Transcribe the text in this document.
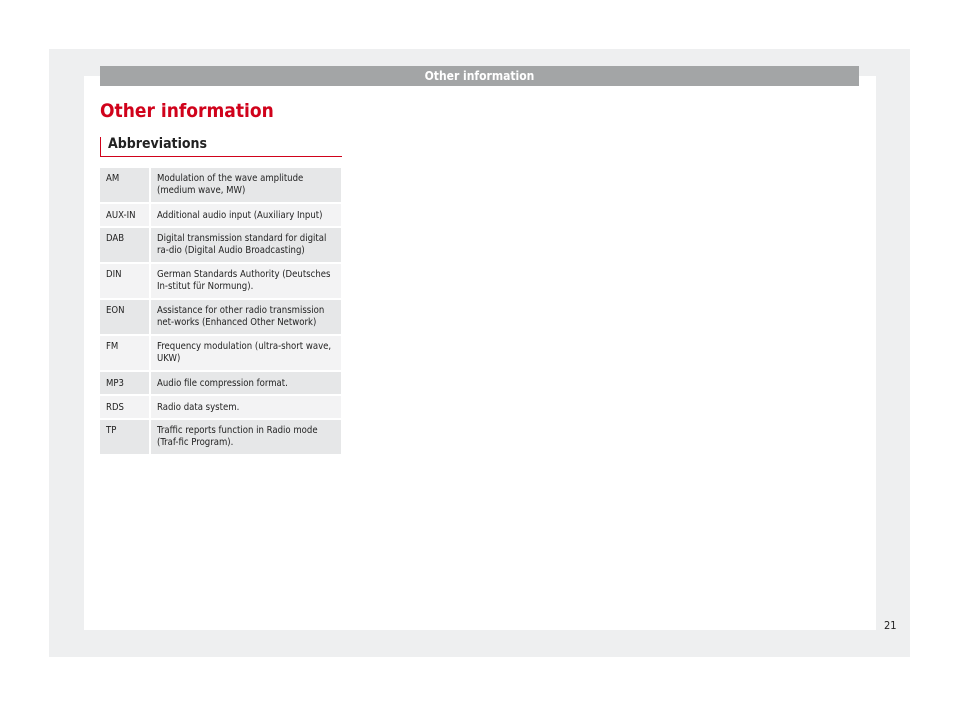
Other information
Other information
Abbreviations
AM	Modulation of the wave amplitude (medium wave, MW)
AUX-IN	Additional audio input (Auxiliary Input)
DAB	Digital transmission standard for digital ra-dio (Digital Audio Broadcasting)
DIN	German Standards Authority (Deutsches In-stitut für Normung).
EON	Assistance for other radio transmission net-works (Enhanced Other Network)
FM	Frequency modulation (ultra-short wave, UKW)
MP3	Audio file compression format.
RDS	Radio data system.
TP	Traffic reports function in Radio mode (Traf-fic Program).
21
